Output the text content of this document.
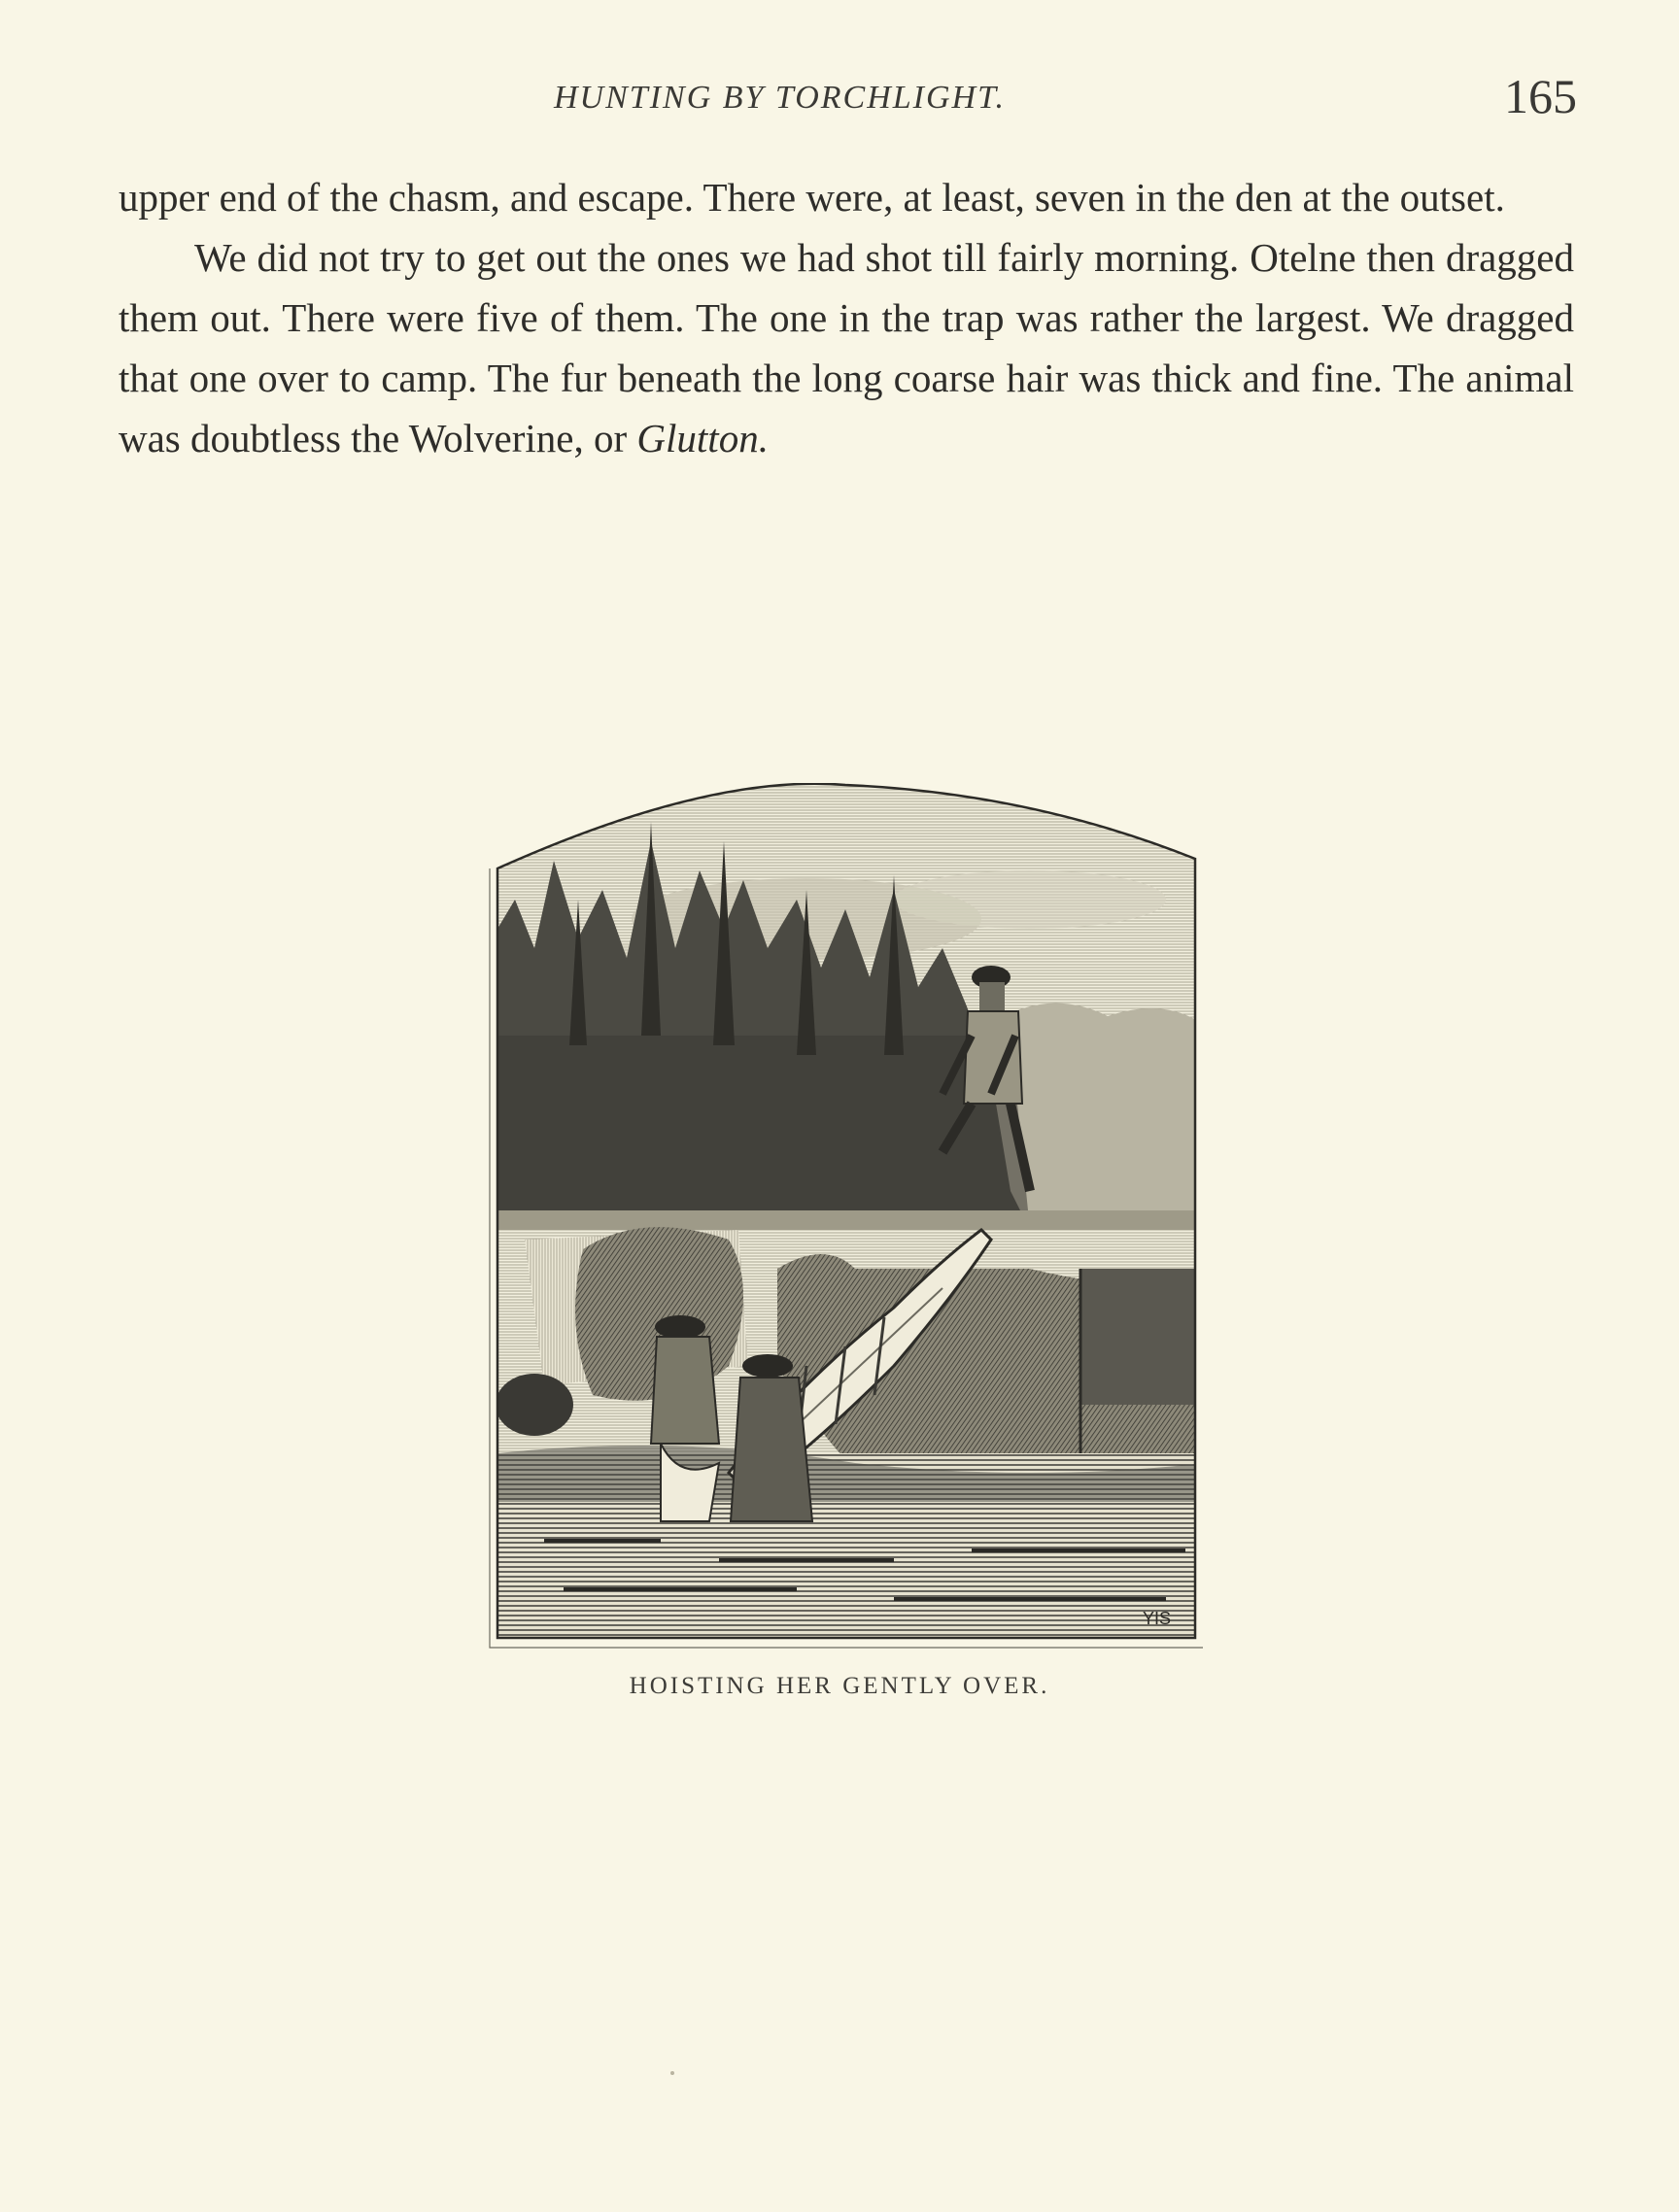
HUNTING BY TORCHLIGHT.	165

upper end of the chasm, and escape. There were, at least, seven in the den at the outset.

We did not try to get out the ones we had shot till fairly morning. Otelne then dragged them out. There were five of them. The one in the trap was rather the largest. We dragged that one over to camp. The fur beneath the long coarse hair was thick and fine. The animal was doubtless the Wolverine, or Glutton.

YIS
HOISTING HER GENTLY OVER.
